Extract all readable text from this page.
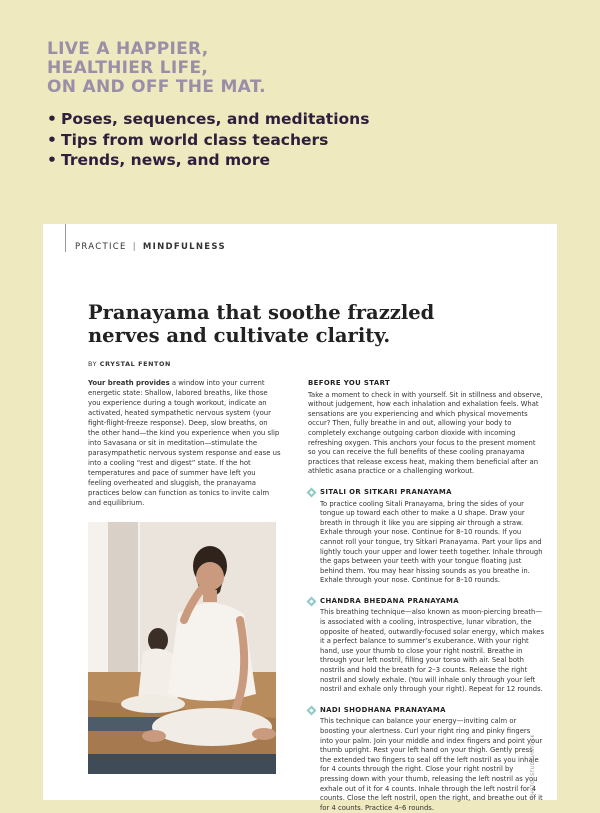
LIVE A HAPPIER,
HEALTHIER LIFE,
ON AND OFF THE MAT.
• Poses, sequences, and meditations
• Tips from world class teachers
• Trends, news, and more
PRACTICE | MINDFULNESS
Pranayama that soothe frazzled nerves and cultivate clarity.
BY CRYSTAL FENTON

Your breath provides a window into your current energetic state: Shallow, labored breaths, like those you experience during a tough workout, indicate an activated, heated sympathetic nervous system (your fight-flight-freeze response). Deep, slow breaths, on the other hand—the kind you experience when you slip into Savasana or sit in meditation—stimulate the parasympathetic nervous system response and ease us into a cooling “rest and digest” state. If the hot temperatures and pace of summer have left you feeling overheated and sluggish, the pranayama practices below can function as tonics to invite calm and equilibrium.

BEFORE YOU START

Take a moment to check in with yourself. Sit in stillness and observe, without judgement, how each inhalation and exhalation feels. What sensations are you experiencing and which physical movements occur? Then, fully breathe in and out, allowing your body to completely exchange outgoing carbon dioxide with incoming refreshing oxygen. This anchors your focus to the present moment so you can receive the full benefits of these cooling pranayama practices that release excess heat, making them beneficial after an athletic asana practice or a challenging workout.

SITALI OR SITKARI PRANAYAMA

To practice cooling Sitali Pranayama, bring the sides of your tongue up toward each other to make a U shape. Draw your breath in through it like you are sipping air through a straw. Exhale through your nose. Continue for 8–10 rounds. If you cannot roll your tongue, try Sitkari Pranayama. Part your lips and lightly touch your upper and lower teeth together. Inhale through the gaps between your teeth with your tongue floating just behind them. You may hear hissing sounds as you breathe in. Exhale through your nose. Continue for 8–10 rounds.

CHANDRA BHEDANA PRANAYAMA

This breathing technique—also known as moon-piercing breath—is associated with a cooling, introspective, lunar vibration, the opposite of heated, outwardly-focused solar energy, which makes it a perfect balance to summer’s exuberance. With your right hand, use your thumb to close your right nostril. Breathe in through your left nostril, filling your torso with air. Seal both nostrils and hold the breath for 2–3 counts. Release the right nostril and slowly exhale. (You will inhale only through your left nostril and exhale only through your right). Repeat for 12 rounds.

NADI SHODHANA PRANAYAMA

This technique can balance your energy—inviting calm or boosting your alertness. Curl your right ring and pinky fingers into your palm. Join your middle and index fingers and point your thumb upright. Rest your left hand on your thigh. Gently press the extended two fingers to seal off the left nostril as you inhale for 4 counts through the right. Close your right nostril by pressing down with your thumb, releasing the left nostril as you exhale out of it for 4 counts. Inhale through the left nostril for 4 counts. Close the left nostril, open the right, and breathe out of it for 4 counts. Practice 4–6 rounds.

PHOTO: STUDIO/ISTOCK
